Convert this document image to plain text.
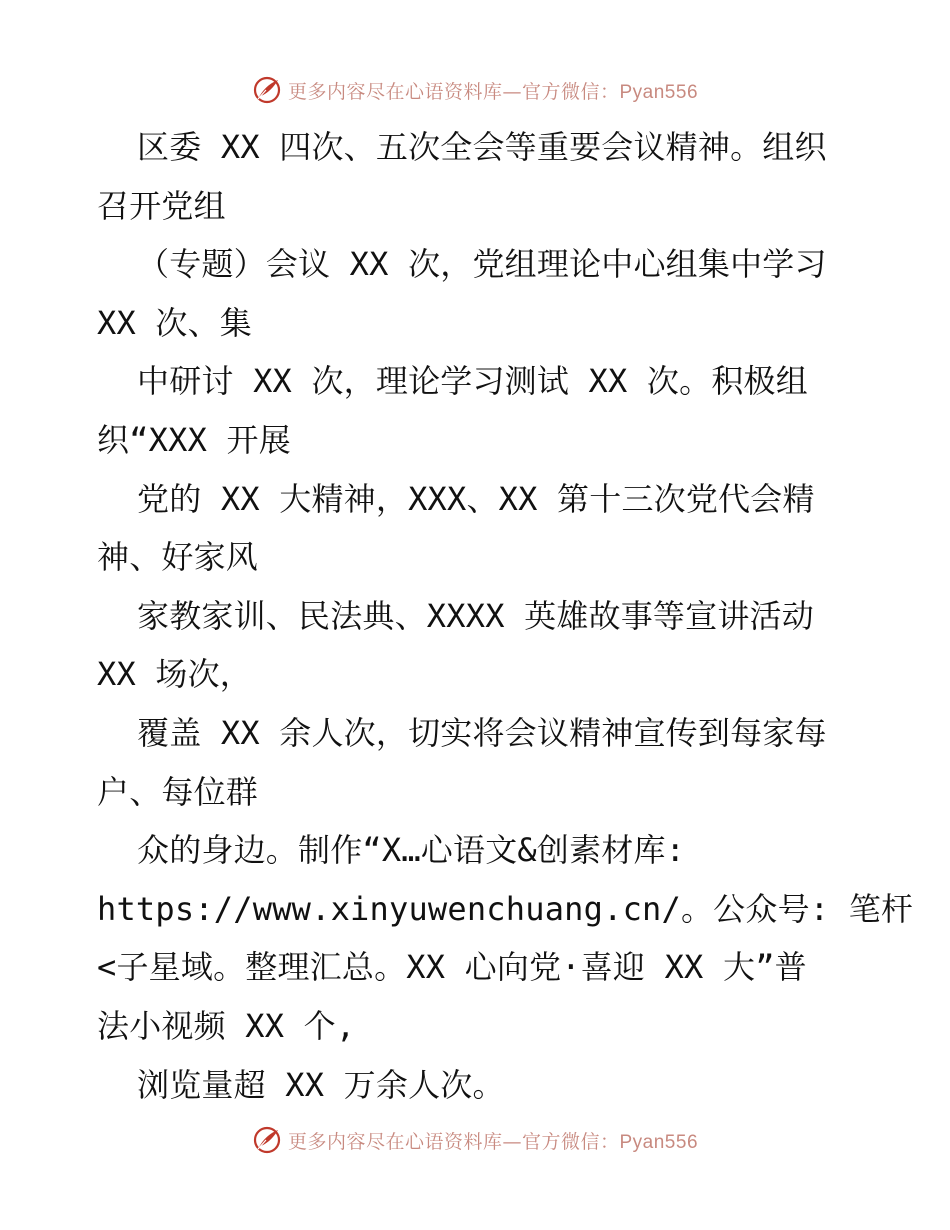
更多内容尽在心语资料库—官方微信：Pyan556
区委 XX 四次、五次全会等重要会议精神。组织
召开党组
（专题）会议 XX 次，党组理论中心组集中学习
XX 次、集
中研讨 XX 次，理论学习测试 XX 次。积极组
织“XXX 开展
党的 XX 大精神，XXX、XX 第十三次党代会精
神、好家风
家教家训、民法典、XXXX 英雄故事等宣讲活动
XX 场次，
覆盖 XX 余人次，切实将会议精神宣传到每家每
户、每位群
众的身边。制作“X…心语文&创素材库:
https://www.xinyuwenchuang.cn/。公众号: 笔杆
<子星域。整理汇总。XX 心向党·喜迎 XX 大”普
法小视频 XX 个,
浏览量超 XX 万余人次。
更多内容尽在心语资料库—官方微信：Pyan556
